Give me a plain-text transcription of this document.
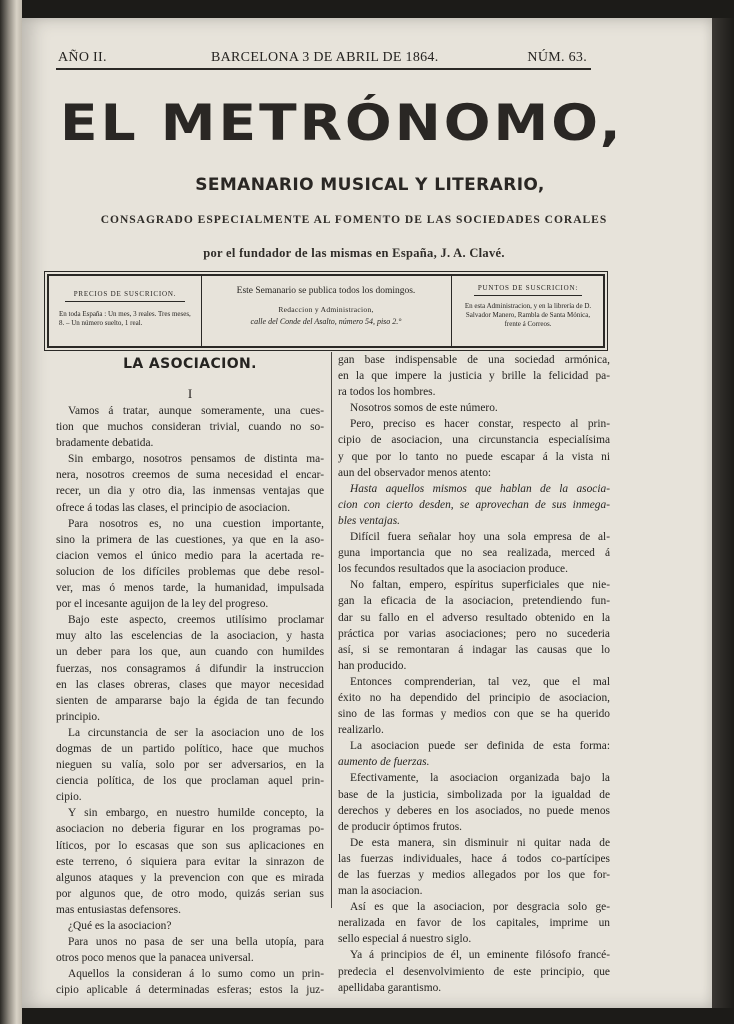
AÑO II.	BARCELONA 3 DE ABRIL DE 1864.	NÚM. 63.
EL METRÓNOMO,
SEMANARIO MUSICAL Y LITERARIO,
CONSAGRADO ESPECIALMENTE AL FOMENTO DE LAS SOCIEDADES CORALES
por el fundador de las mismas en España, J. A. Clavé.
PRECIOS DE SUSCRICION.
En toda España : Un mes, 3 reales. Tres meses, 8. – Un número suelto, 1 real.
Este Semanario se publica todos los domingos.
Redaccion y Administracion,
calle del Conde del Asalto, número 54, piso 2.°
PUNTOS DE SUSCRICION:
En esta Administracion, y en la librería de D. Salvador Manero, Rambla de Santa Mónica, frente á Correos.
LA ASOCIACION.
I
Vamos á tratar, aunque someramente, una cues-
tion que muchos consideran trivial, cuando no so-
bradamente debatida.
Sin embargo, nosotros pensamos de distinta ma-
nera, nosotros creemos de suma necesidad el encar-
recer, un dia y otro dia, las inmensas ventajas que
ofrece á todas las clases, el principio de asociacion.
Para nosotros es, no una cuestion importante,
sino la primera de las cuestiones, ya que en la aso-
ciacion vemos el único medio para la acertada re-
solucion de los difíciles problemas que debe resol-
ver, mas ó menos tarde, la humanidad, impulsada
por el incesante aguijon de la ley del progreso.
Bajo este aspecto, creemos utilísimo proclamar
muy alto las escelencias de la asociacion, y hasta
un deber para los que, aun cuando con humildes
fuerzas, nos consagramos á difundir la instruccion
en las clases obreras, clases que mayor necesidad
sienten de ampararse bajo la égida de tan fecundo
principio.
La circunstancia de ser la asociacion uno de los
dogmas de un partido político, hace que muchos
nieguen su valía, solo por ser adversarios, en la
ciencia política, de los que proclaman aquel prin-
cipio.
Y sin embargo, en nuestro humilde concepto, la
asociacion no deberia figurar en los programas po-
líticos, por lo escasas que son sus aplicaciones en
este terreno, ó siquiera para evitar la sinrazon de
algunos ataques y la prevencion con que es mirada
por algunos que, de otro modo, quizás serian sus
mas entusiastas defensores.
¿Qué es la asociacion?
Para unos no pasa de ser una bella utopía, para
otros poco menos que la panacea universal.
Aquellos la consideran á lo sumo como un prin-
cipio aplicable á determinadas esferas; estos la juz-
gan base indispensable de una sociedad armónica,
en la que impere la justicia y brille la felicidad pa-
ra todos los hombres.
Nosotros somos de este número.
Pero, preciso es hacer constar, respecto al prin-
cipio de asociacion, una circunstancia especialísima
y que por lo tanto no puede escapar á la vista ni
aun del observador menos atento:
Hasta aquellos mismos que hablan de la asocia-
cion con cierto desden, se aprovechan de sus inmega-
bles ventajas.
Difícil fuera señalar hoy una sola empresa de al-
guna importancia que no sea realizada, merced á
los fecundos resultados que la asociacion produce.
No faltan, empero, espíritus superficiales que nie-
gan la eficacia de la asociacion, pretendiendo fun-
dar su fallo en el adverso resultado obtenido en la
práctica por varias asociaciones; pero no sucederia
así, si se remontaran á indagar las causas que lo
han producido.
Entonces comprenderian, tal vez, que el mal
éxito no ha dependido del principio de asociacion,
sino de las formas y medios con que se ha querido
realizarlo.
La asociacion puede ser definida de esta forma:
aumento de fuerzas.
Efectivamente, la asociacion organizada bajo la
base de la justicia, simbolizada por la igualdad de
derechos y deberes en los asociados, no puede menos
de producir óptimos frutos.
De esta manera, sin disminuir ni quitar nada de
las fuerzas individuales, hace á todos co-partícipes
de las fuerzas y medios allegados por los que for-
man la asociacion.
Así es que la asociacion, por desgracia solo ge-
neralizada en favor de los capitales, imprime un
sello especial á nuestro siglo.
Ya á principios de él, un eminente filósofo francé-
predecia el desenvolvimiento de este principio, que
apellidaba garantismo.
